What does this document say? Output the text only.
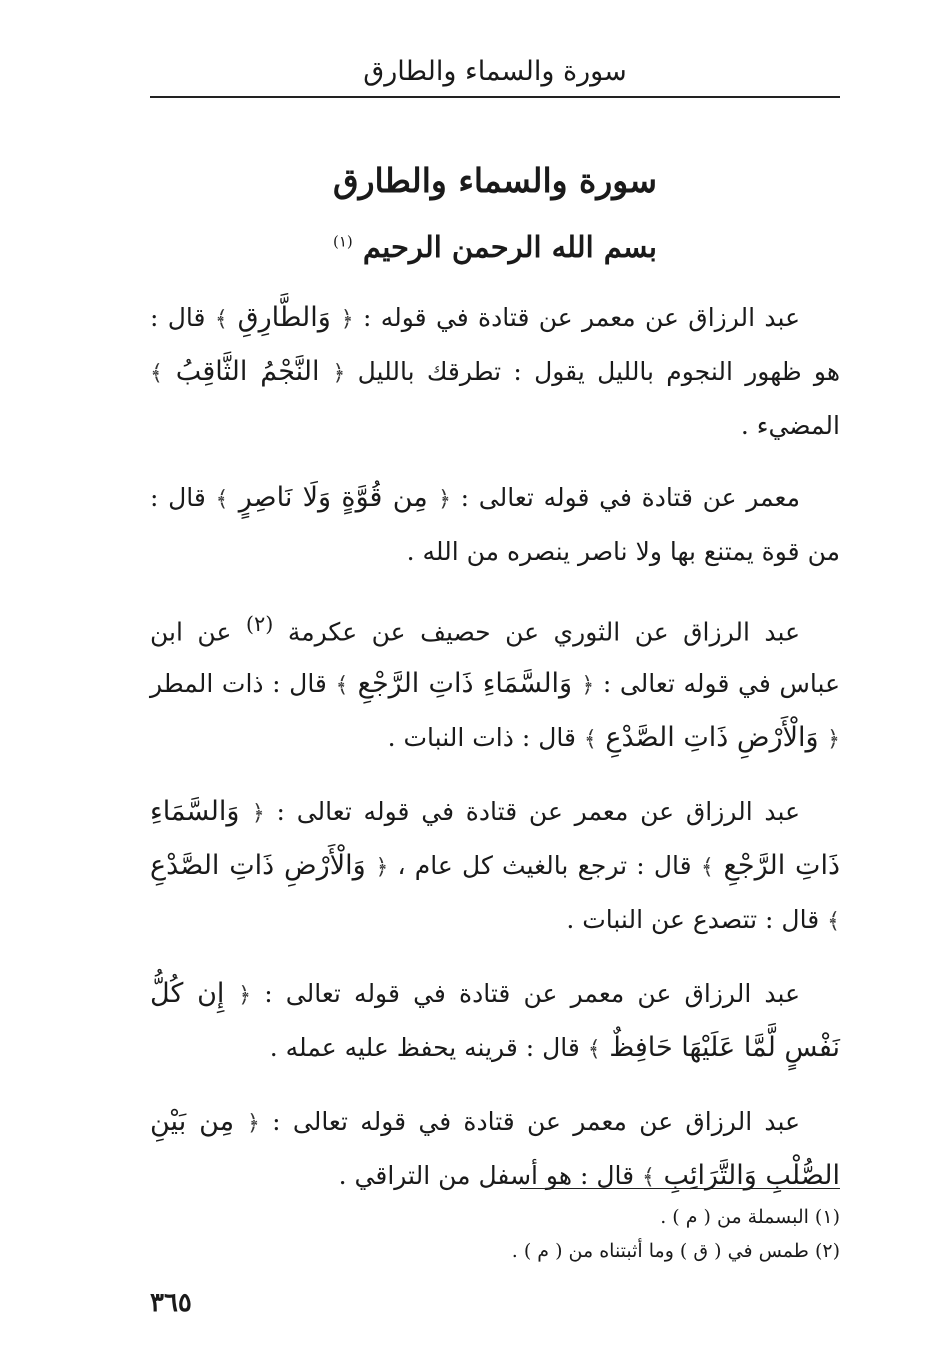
سورة والسماء والطارق
سورة والسماء والطارق
بسم الله الرحمن الرحيم $^{(١)}$

عبد الرزاق عن معمر عن قتادة في قوله : ﴿ وَالطَّارِقِ ﴾ قال : هو ظهور النجوم بالليل يقول : تطرقك بالليل ﴿ النَّجْمُ الثَّاقِبُ ﴾ المضيء .

معمر عن قتادة في قوله تعالى : ﴿ مِن قُوَّةٍ وَلَا نَاصِرٍ ﴾ قال : من قوة يمتنع بها ولا ناصر ينصره من الله .

عبد الرزاق عن الثوري عن حصيف عن عكرمة $^{(٢)}$ عن ابن عباس في قوله تعالى : ﴿ وَالسَّمَاءِ ذَاتِ الرَّجْعِ ﴾ قال : ذات المطر ﴿ وَالْأَرْضِ ذَاتِ الصَّدْعِ ﴾ قال : ذات النبات .

عبد الرزاق عن معمر عن قتادة في قوله تعالى : ﴿ وَالسَّمَاءِ ذَاتِ الرَّجْعِ ﴾ قال : ترجع بالغيث كل عام ، ﴿ وَالْأَرْضِ ذَاتِ الصَّدْعِ ﴾ قال : تتصدع عن النبات .

عبد الرزاق عن معمر عن قتادة في قوله تعالى : ﴿ إِن كُلُّ نَفْسٍ لَّمَّا عَلَيْهَا حَافِظٌ ﴾ قال : قرينه يحفظ عليه عمله .

عبد الرزاق عن معمر عن قتادة في قوله تعالى : ﴿ مِن بَيْنِ الصُّلْبِ وَالتَّرَائِبِ ﴾ قال : هو أسفل من التراقي .

(١) البسملة من ( م ) .

(٢) طمس في ( ق ) وما أثبتناه من ( م ) .

٣٦٥
